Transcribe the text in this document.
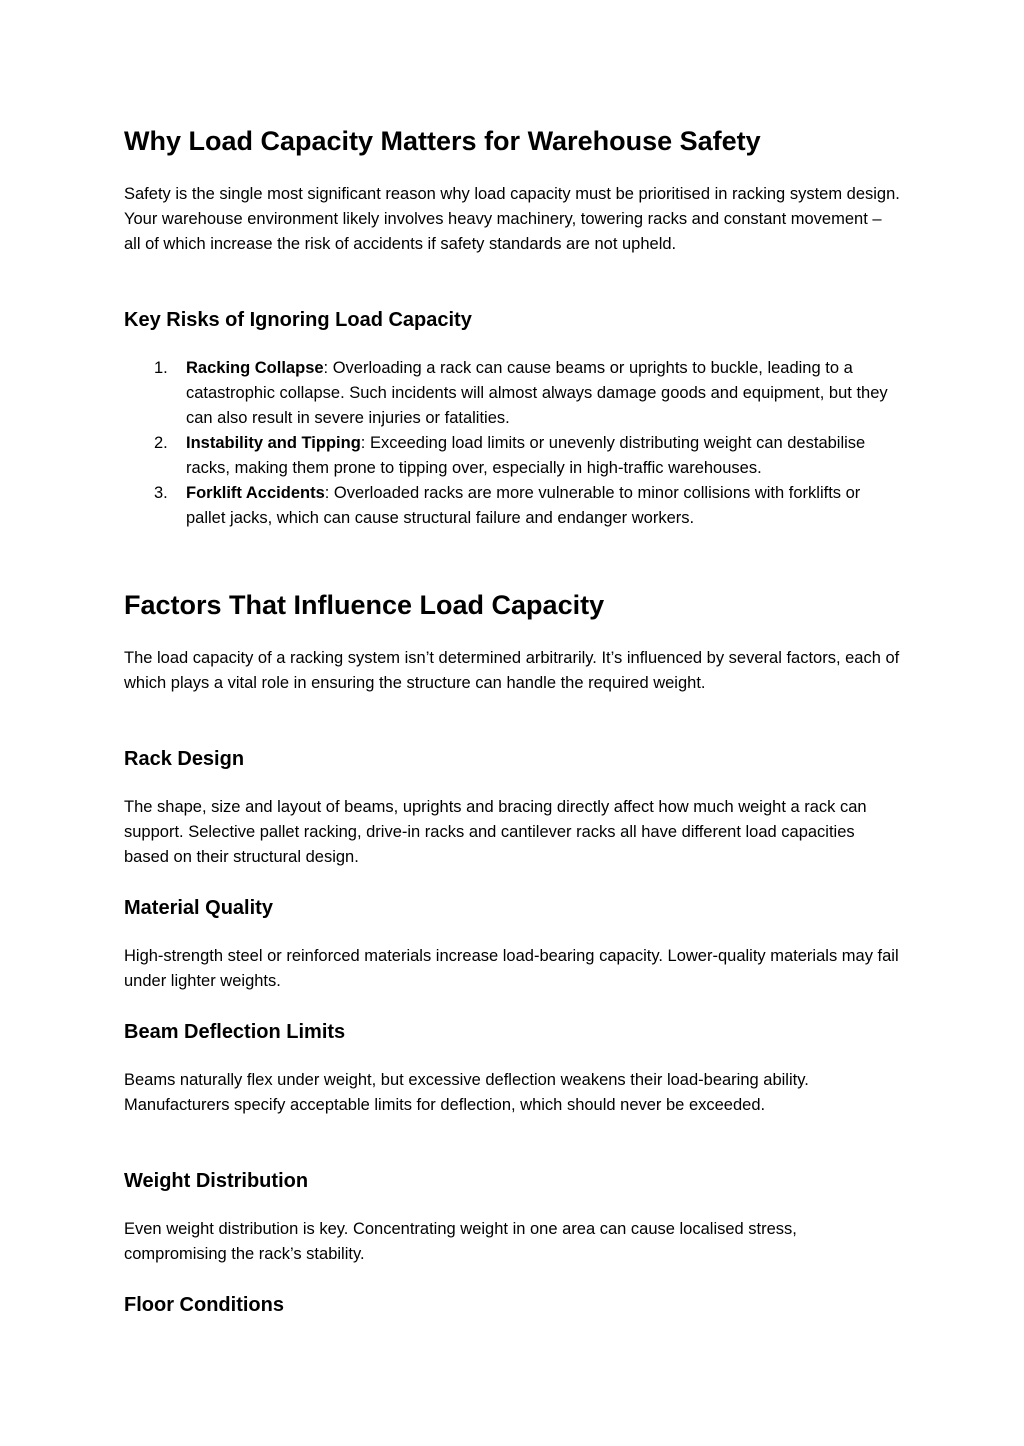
Why Load Capacity Matters for Warehouse Safety

Safety is the single most significant reason why load capacity must be prioritised in racking system design. Your warehouse environment likely involves heavy machinery, towering racks and constant movement – all of which increase the risk of accidents if safety standards are not upheld.

Key Risks of Ignoring Load Capacity
1. Racking Collapse: Overloading a rack can cause beams or uprights to buckle, leading to a catastrophic collapse. Such incidents will almost always damage goods and equipment, but they can also result in severe injuries or fatalities.
2. Instability and Tipping: Exceeding load limits or unevenly distributing weight can destabilise racks, making them prone to tipping over, especially in high-traffic warehouses.
3. Forklift Accidents: Overloaded racks are more vulnerable to minor collisions with forklifts or pallet jacks, which can cause structural failure and endanger workers.
Factors That Influence Load Capacity

The load capacity of a racking system isn’t determined arbitrarily. It’s influenced by several factors, each of which plays a vital role in ensuring the structure can handle the required weight.

Rack Design

The shape, size and layout of beams, uprights and bracing directly affect how much weight a rack can support. Selective pallet racking, drive-in racks and cantilever racks all have different load capacities based on their structural design.

Material Quality

High-strength steel or reinforced materials increase load-bearing capacity. Lower-quality materials may fail under lighter weights.

Beam Deflection Limits

Beams naturally flex under weight, but excessive deflection weakens their load-bearing ability. Manufacturers specify acceptable limits for deflection, which should never be exceeded.

Weight Distribution

Even weight distribution is key. Concentrating weight in one area can cause localised stress, compromising the rack’s stability.

Floor Conditions
